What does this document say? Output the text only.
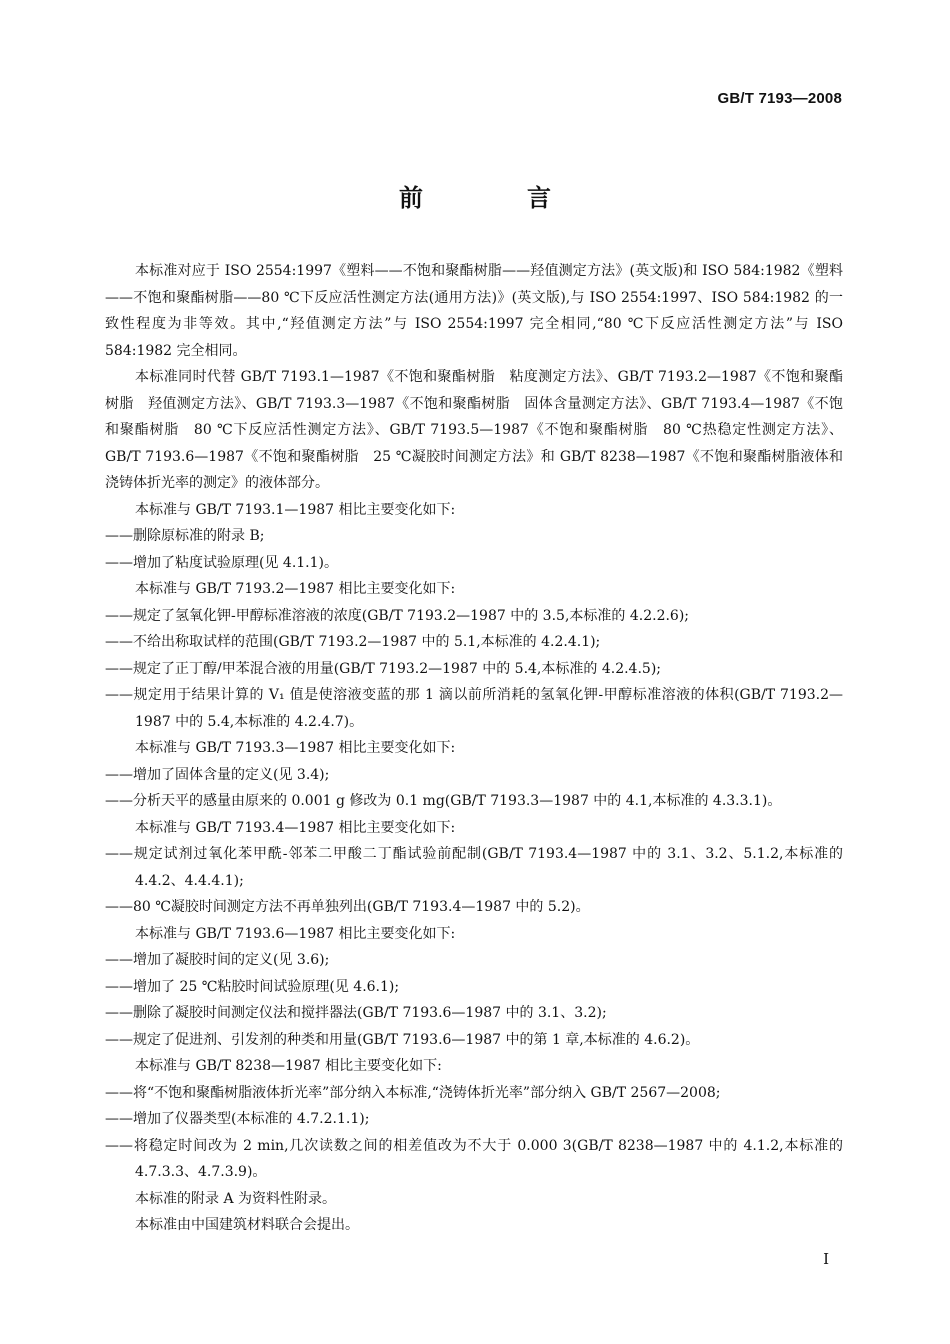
GB/T 7193—2008
前　言

本标准对应于 ISO 2554:1997《塑料——不饱和聚酯树脂——羟值测定方法》(英文版)和 ISO 584:1982《塑料——不饱和聚酯树脂——80 ℃下反应活性测定方法(通用方法)》(英文版),与 ISO 2554:1997、ISO 584:1982 的一致性程度为非等效。其中,“羟值测定方法”与 ISO 2554:1997 完全相同,“80 ℃下反应活性测定方法”与 ISO 584:1982 完全相同。

本标准同时代替 GB/T 7193.1—1987《不饱和聚酯树脂　粘度测定方法》、GB/T 7193.2—1987《不饱和聚酯树脂　羟值测定方法》、GB/T 7193.3—1987《不饱和聚酯树脂　固体含量测定方法》、GB/T 7193.4—1987《不饱和聚酯树脂　80 ℃下反应活性测定方法》、GB/T 7193.5—1987《不饱和聚酯树脂　80 ℃热稳定性测定方法》、GB/T 7193.6—1987《不饱和聚酯树脂　25 ℃凝胶时间测定方法》和 GB/T 8238—1987《不饱和聚酯树脂液体和浇铸体折光率的测定》的液体部分。

本标准与 GB/T 7193.1—1987 相比主要变化如下:

——删除原标准的附录 B;

——增加了粘度试验原理(见 4.1.1)。

本标准与 GB/T 7193.2—1987 相比主要变化如下:

——规定了氢氧化钾-甲醇标准溶液的浓度(GB/T 7193.2—1987 中的 3.5,本标准的 4.2.2.6);

——不给出称取试样的范围(GB/T 7193.2—1987 中的 5.1,本标准的 4.2.4.1);

——规定了正丁醇/甲苯混合液的用量(GB/T 7193.2—1987 中的 5.4,本标准的 4.2.4.5);

——规定用于结果计算的 V₁ 值是使溶液变蓝的那 1 滴以前所消耗的氢氧化钾-甲醇标准溶液的体积(GB/T 7193.2—1987 中的 5.4,本标准的 4.2.4.7)。

本标准与 GB/T 7193.3—1987 相比主要变化如下:

——增加了固体含量的定义(见 3.4);

——分析天平的感量由原来的 0.001 g 修改为 0.1 mg(GB/T 7193.3—1987 中的 4.1,本标准的 4.3.3.1)。

本标准与 GB/T 7193.4—1987 相比主要变化如下:

——规定试剂过氧化苯甲酰-邻苯二甲酸二丁酯试验前配制(GB/T 7193.4—1987 中的 3.1、3.2、5.1.2,本标准的 4.4.2、4.4.4.1);

——80 ℃凝胶时间测定方法不再单独列出(GB/T 7193.4—1987 中的 5.2)。

本标准与 GB/T 7193.6—1987 相比主要变化如下:

——增加了凝胶时间的定义(见 3.6);

——增加了 25 ℃粘胶时间试验原理(见 4.6.1);

——删除了凝胶时间测定仪法和搅拌器法(GB/T 7193.6—1987 中的 3.1、3.2);

——规定了促进剂、引发剂的种类和用量(GB/T 7193.6—1987 中的第 1 章,本标准的 4.6.2)。

本标准与 GB/T 8238—1987 相比主要变化如下:

——将“不饱和聚酯树脂液体折光率”部分纳入本标准,“浇铸体折光率”部分纳入 GB/T 2567—2008;

——增加了仪器类型(本标准的 4.7.2.1.1);

——将稳定时间改为 2 min,几次读数之间的相差值改为不大于 0.000 3(GB/T 8238—1987 中的 4.1.2,本标准的 4.7.3.3、4.7.3.9)。

本标准的附录 A 为资料性附录。

本标准由中国建筑材料联合会提出。

I
